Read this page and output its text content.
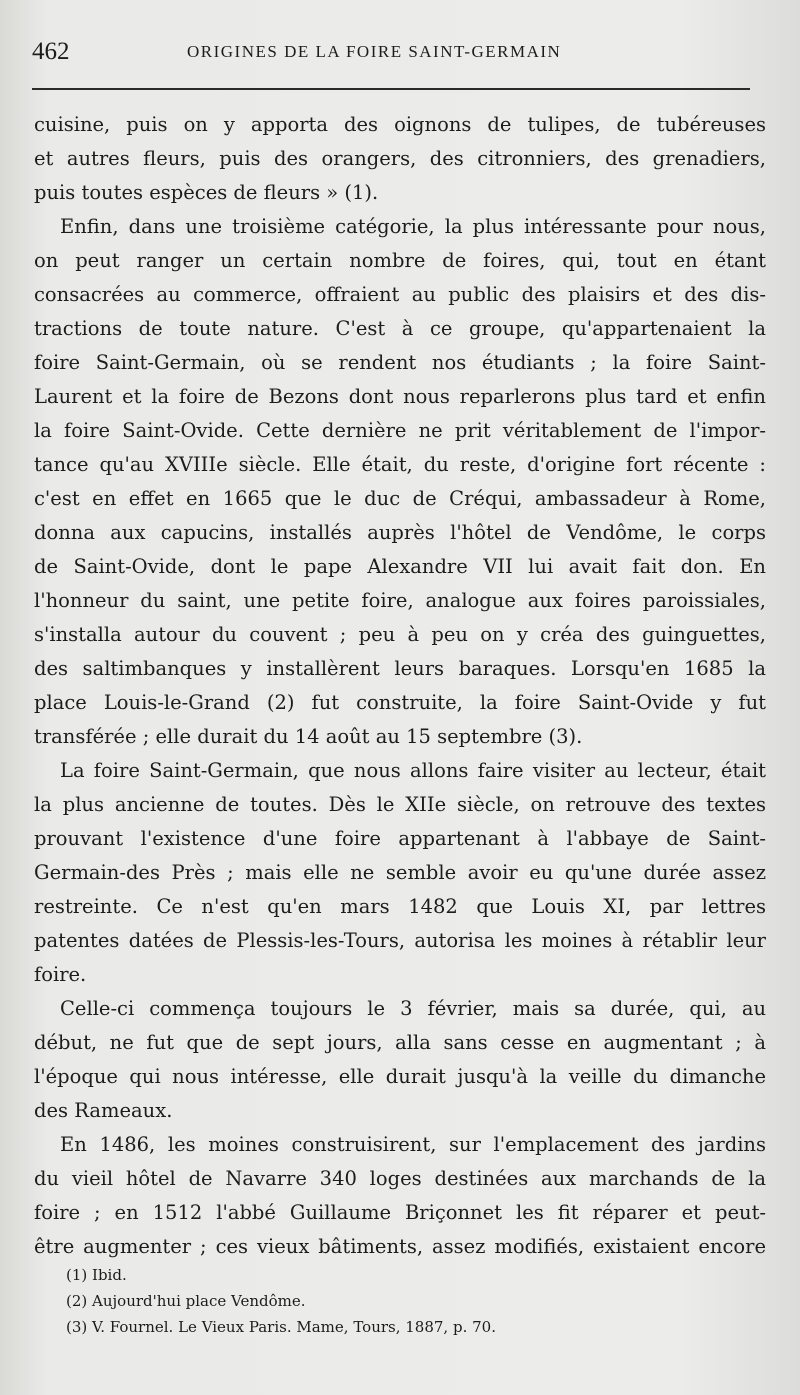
462	ORIGINES DE LA FOIRE SAINT-GERMAIN
cuisine, puis on y apporta des oignons de tulipes, de tubéreuses
et autres fleurs, puis des orangers, des citronniers, des grenadiers,
puis toutes espèces de fleurs » (1).
Enfin, dans une troisième catégorie, la plus intéressante pour nous,
on peut ranger un certain nombre de foires, qui, tout en étant
consacrées au commerce, offraient au public des plaisirs et des dis-
tractions de toute nature. C'est à ce groupe, qu'appartenaient la
foire Saint-Germain, où se rendent nos étudiants ; la foire Saint-
Laurent et la foire de Bezons dont nous reparlerons plus tard et enfin
la foire Saint-Ovide. Cette dernière ne prit véritablement de l'impor-
tance qu'au XVIIIe siècle. Elle était, du reste, d'origine fort récente :
c'est en effet en 1665 que le duc de Créqui, ambassadeur à Rome,
donna aux capucins, installés auprès l'hôtel de Vendôme, le corps
de Saint-Ovide, dont le pape Alexandre VII lui avait fait don. En
l'honneur du saint, une petite foire, analogue aux foires paroissiales,
s'installa autour du couvent ; peu à peu on y créa des guinguettes,
des saltimbanques y installèrent leurs baraques. Lorsqu'en 1685 la
place Louis-le-Grand (2) fut construite, la foire Saint-Ovide y fut
transférée ; elle durait du 14 août au 15 septembre (3).
La foire Saint-Germain, que nous allons faire visiter au lecteur, était
la plus ancienne de toutes. Dès le XIIe siècle, on retrouve des textes
prouvant l'existence d'une foire appartenant à l'abbaye de Saint-
Germain-des Près ; mais elle ne semble avoir eu qu'une durée assez
restreinte. Ce n'est qu'en mars 1482 que Louis XI, par lettres
patentes datées de Plessis-les-Tours, autorisa les moines à rétablir leur
foire.
Celle-ci commença toujours le 3 février, mais sa durée, qui, au
début, ne fut que de sept jours, alla sans cesse en augmentant ; à
l'époque qui nous intéresse, elle durait jusqu'à la veille du dimanche
des Rameaux.
En 1486, les moines construisirent, sur l'emplacement des jardins
du vieil hôtel de Navarre 340 loges destinées aux marchands de la
foire ; en 1512 l'abbé Guillaume Briçonnet les fit réparer et peut-
être augmenter ; ces vieux bâtiments, assez modifiés, existaient encore
(1) Ibid.
(2) Aujourd'hui place Vendôme.
(3) V. Fournel. Le Vieux Paris. Mame, Tours, 1887, p. 70.
